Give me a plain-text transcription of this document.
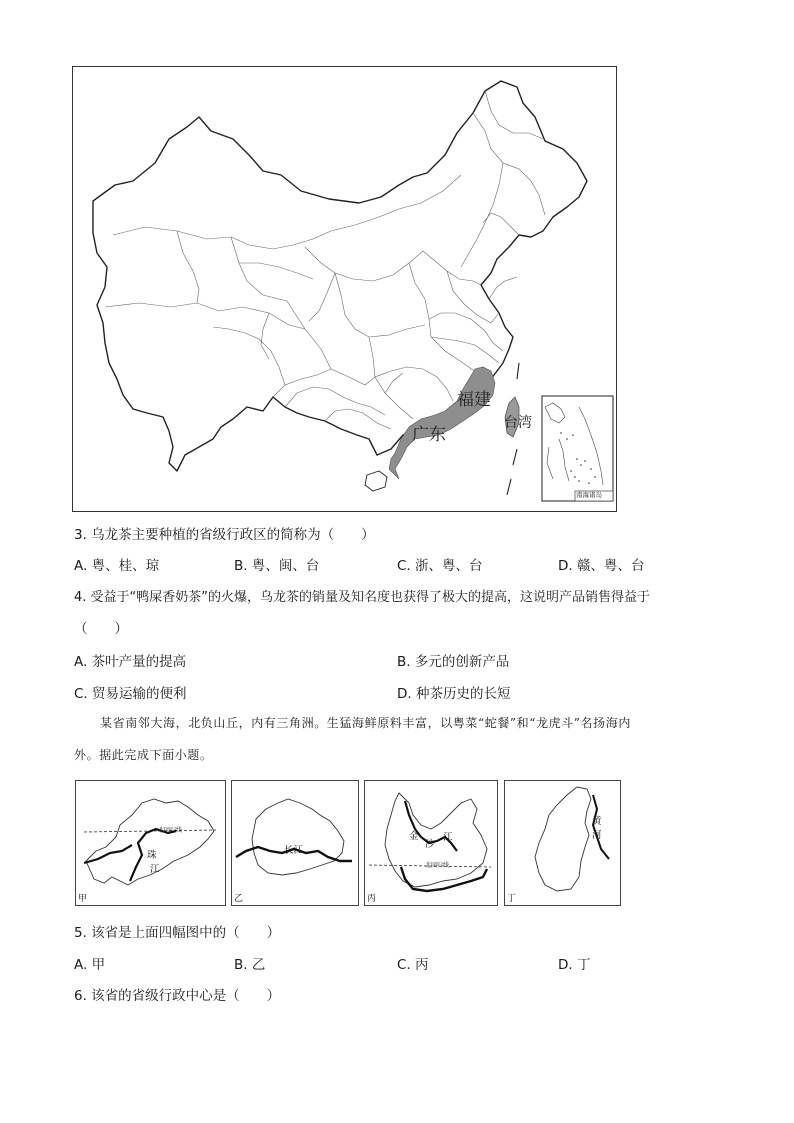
福建
广东
台湾
南海诸岛
3. 乌龙茶主要种植的省级行政区的简称为（　　）
A. 粤、桂、琼	B. 粤、闽、台	C. 浙、粤、台	D. 赣、粤、台
4. 受益于“鸭屎香奶茶”的火爆，乌龙茶的销量及知名度也获得了极大的提高，这说明产品销售得益于
（　　）
A. 茶叶产量的提高	B. 多元的创新产品
C. 贸易运输的便利	D. 种茶历史的长短
某省南邻大海，北负山丘，内有三角洲。生猛海鲜原料丰富，以粤菜“蛇餐”和“龙虎斗”名扬海内
外。据此完成下面小题。
甲
北回归线
珠
江
乙
长江
丙
金
沙
江
北回归线
丁
黄
河
5. 该省是上面四幅图中的（　　）
A. 甲	B. 乙	C. 丙	D. 丁
6. 该省的省级行政中心是（　　）
